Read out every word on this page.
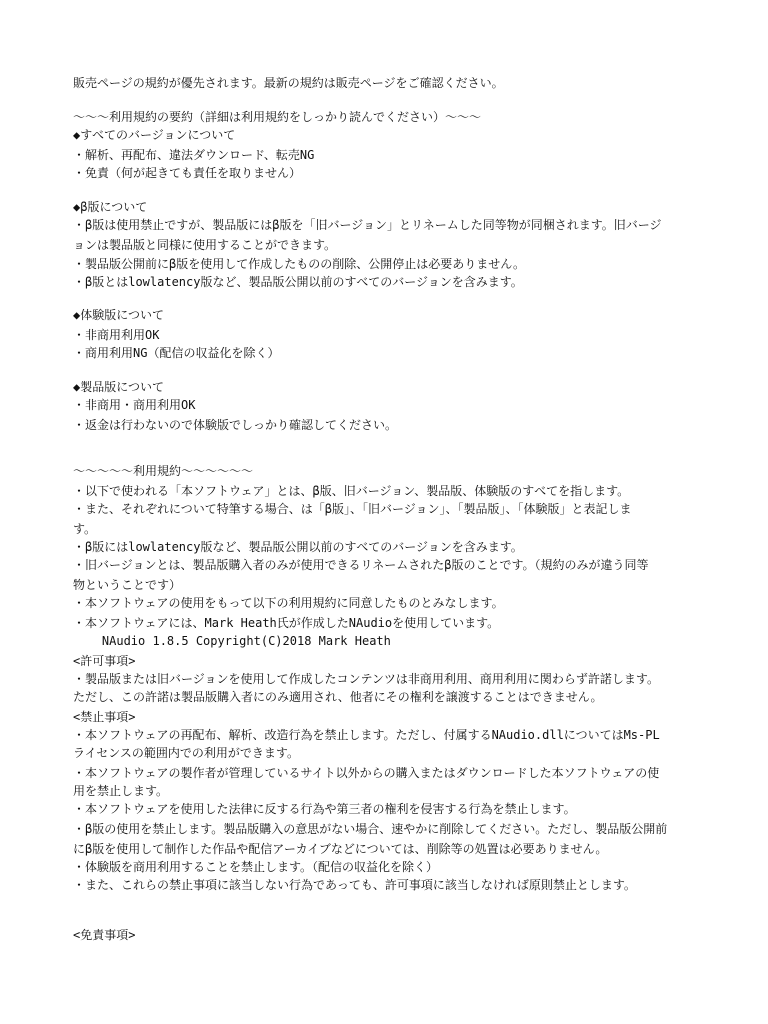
販売ページの規約が優先されます。最新の規約は販売ページをご確認ください。

～～～利用規約の要約（詳細は利用規約をしっかり読んでください）～～～

◆すべてのバージョンについて

・解析、再配布、違法ダウンロード、転売NG

・免責（何が起きても責任を取りません）

◆β版について

・β版は使用禁止ですが、製品版にはβ版を「旧バージョン」とリネームした同等物が同梱されます。旧バージ

ョンは製品版と同様に使用することができます。

・製品版公開前にβ版を使用して作成したものの削除、公開停止は必要ありません。

・β版とはlowlatency版など、製品版公開以前のすべてのバージョンを含みます。

◆体験版について

・非商用利用OK

・商用利用NG（配信の収益化を除く）

◆製品版について

・非商用・商用利用OK

・返金は行わないので体験版でしっかり確認してください。

～～～～～利用規約～～～～～～

・以下で使われる「本ソフトウェア」とは、β版、旧バージョン、製品版、体験版のすべてを指します。

・また、それぞれについて特筆する場合、は「β版」、「旧バージョン」、「製品版」、「体験版」と表記しま

す。

・β版にはlowlatency版など、製品版公開以前のすべてのバージョンを含みます。

・旧バージョンとは、製品版購入者のみが使用できるリネームされたβ版のことです。（規約のみが違う同等

物ということです）

・本ソフトウェアの使用をもって以下の利用規約に同意したものとみなします。

・本ソフトウェアには、Mark Heath氏が作成したNAudioを使用しています。

NAudio 1.8.5 Copyright(C)2018 Mark Heath

<許可事項>

・製品版または旧バージョンを使用して作成したコンテンツは非商用利用、商用利用に関わらず許諾します。

ただし、この許諾は製品版購入者にのみ適用され、他者にその権利を譲渡することはできません。

<禁止事項>

・本ソフトウェアの再配布、解析、改造行為を禁止します。ただし、付属するNAudio.dllについてはMs-PL

ライセンスの範囲内での利用ができます。

・本ソフトウェアの製作者が管理しているサイト以外からの購入またはダウンロードした本ソフトウェアの使

用を禁止します。

・本ソフトウェアを使用した法律に反する行為や第三者の権利を侵害する行為を禁止します。

・β版の使用を禁止します。製品版購入の意思がない場合、速やかに削除してください。ただし、製品版公開前

にβ版を使用して制作した作品や配信アーカイブなどについては、削除等の処置は必要ありません。

・体験版を商用利用することを禁止します。（配信の収益化を除く）

・また、これらの禁止事項に該当しない行為であっても、許可事項に該当しなければ原則禁止とします。

<免責事項>
